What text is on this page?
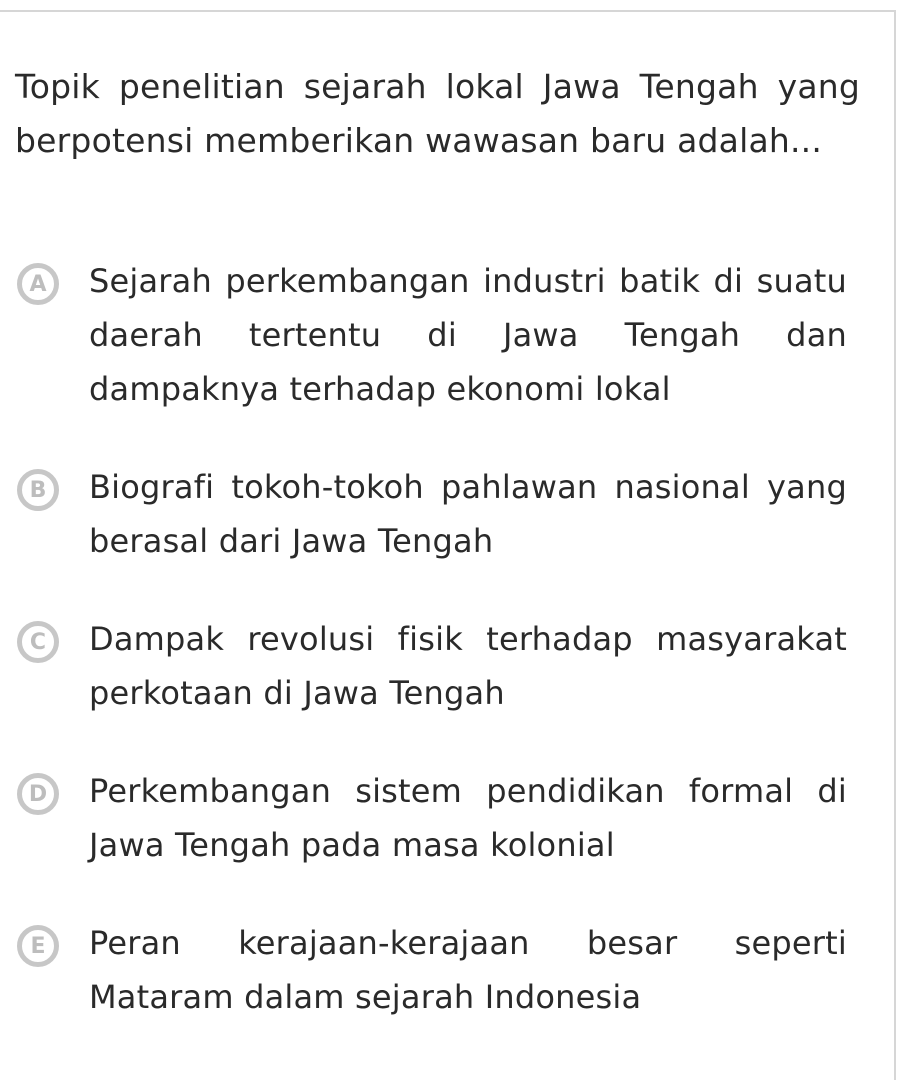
Topik penelitian sejarah lokal Jawa Tengah yang berpotensi memberikan wawasan baru adalah...

A	Sejarah perkembangan industri batik di suatu daerah tertentu di Jawa Tengah dan dampaknya terhadap ekonomi lokal
B	Biografi tokoh-tokoh pahlawan nasional yang berasal dari Jawa Tengah
C	Dampak revolusi fisik terhadap masyarakat perkotaan di Jawa Tengah
D	Perkembangan sistem pendidikan formal di Jawa Tengah pada masa kolonial
E	Peran kerajaan-kerajaan besar seperti Mataram dalam sejarah Indonesia
